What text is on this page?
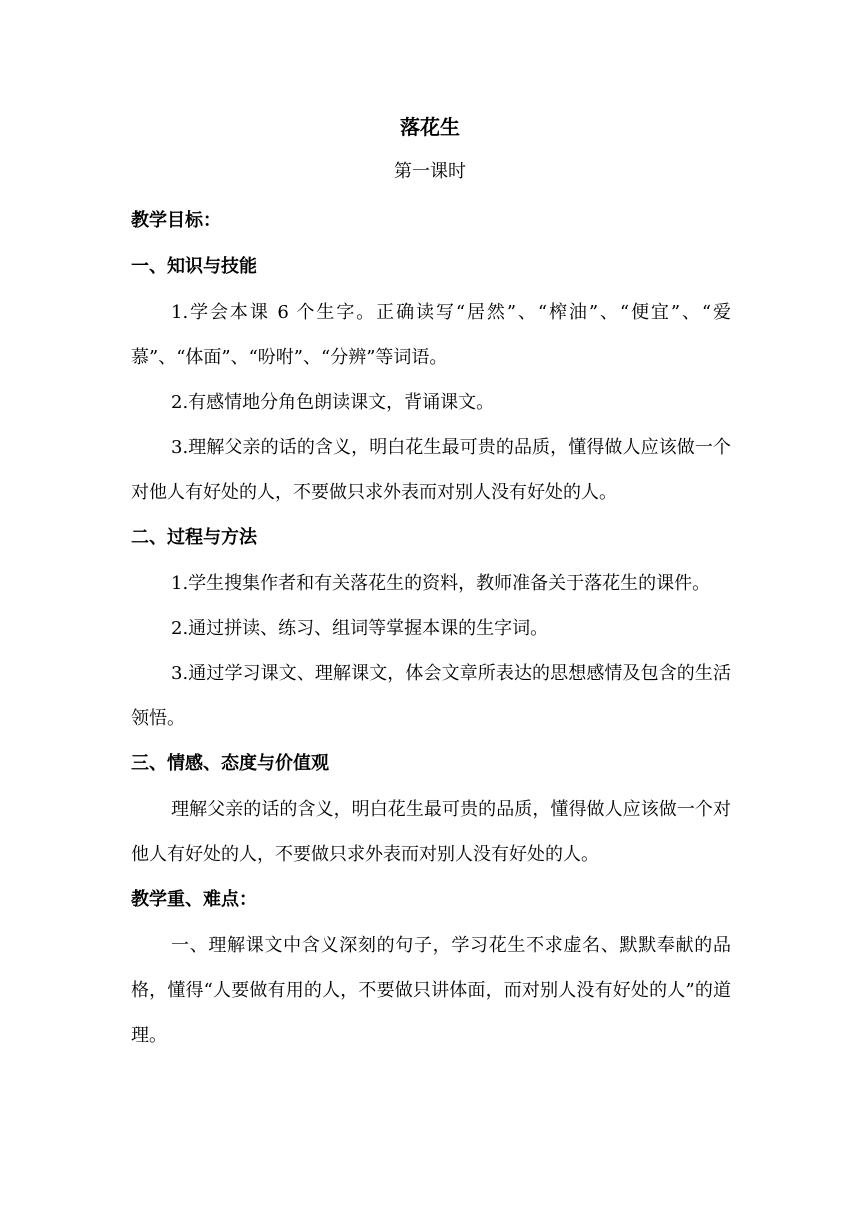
落花生

第一课时

教学目标：

一、知识与技能

1.学会本课 6 个生字。正确读写“居然”、“榨油”、“便宜”、“爱慕”、“体面”、“吩咐”、“分辨”等词语。

2.有感情地分角色朗读课文，背诵课文。

3.理解父亲的话的含义，明白花生最可贵的品质，懂得做人应该做一个对他人有好处的人，不要做只求外表而对别人没有好处的人。

二、过程与方法

1.学生搜集作者和有关落花生的资料，教师准备关于落花生的课件。

2.通过拼读、练习、组词等掌握本课的生字词。

3.通过学习课文、理解课文，体会文章所表达的思想感情及包含的生活领悟。

三、情感、态度与价值观

理解父亲的话的含义，明白花生最可贵的品质，懂得做人应该做一个对他人有好处的人，不要做只求外表而对别人没有好处的人。

教学重、难点：

一、理解课文中含义深刻的句子，学习花生不求虚名、默默奉献的品格，懂得“人要做有用的人，不要做只讲体面，而对别人没有好处的人”的道理。
